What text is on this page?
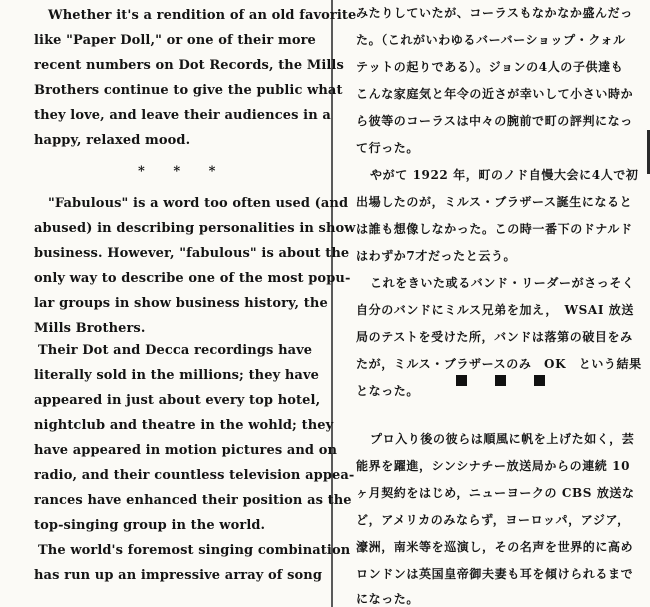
Whether it's a rendition of an old favorite
like "Paper Doll," or one of their more
recent numbers on Dot Records, the Mills
Brothers continue to give the public what
they love, and leave their audiences in a
happy, relaxed mood.
* * *
"Fabulous" is a word too often used (and
abused) in describing personalities in show
business. However, "fabulous" is about the
only way to describe one of the most popu-
lar groups in show business history, the
Mills Brothers.
Their Dot and Decca recordings have
literally sold in the millions; they have
appeared in just about every top hotel,
nightclub and theatre in the wohld; they
have appeared in motion pictures and on
radio, and their countless television appea-
rances have enhanced their position as the
top-singing group in the world.
The world's foremost singing combination
has run up an impressive array of song
みたりしていたが、コーラスもなかなか盛んだっ
た。（これがいわゆるバーバーショップ・クォル
テットの起りである）。ジョンの4人の子供達も
こんな家庭気と年令の近さが幸いして小さい時か
ら彼等のコーラスは中々の腕前で町の評判になっ
て行った。
やがて 1922 年，町のノド自慢大会に4人で初
出場したのが，ミルス・ブラザース誕生になると
は誰も想像しなかった。この時一番下のドナルド
はわずか7才だったと云う。
これをきいた或るバンド・リーダーがさっそく
自分のバンドにミルス兄弟を加え，　WSAI 放送
局のテストを受けた所，バンドは落第の破目をみ
たが，ミルス・ブラザースのみ　OK　という結果
となった。
プロ入り後の彼らは順風に帆を上げた如く，芸
能界を躍進，シンシナチー放送局からの連続 10
ヶ月契約をはじめ，ニューヨークの CBS 放送な
ど，アメリカのみならず，ヨーロッパ，アジア，
濠洲，南米等を巡演し，その名声を世界的に高め
ロンドンは英国皇帝御夫妻も耳を傾けられるまで
になった。
